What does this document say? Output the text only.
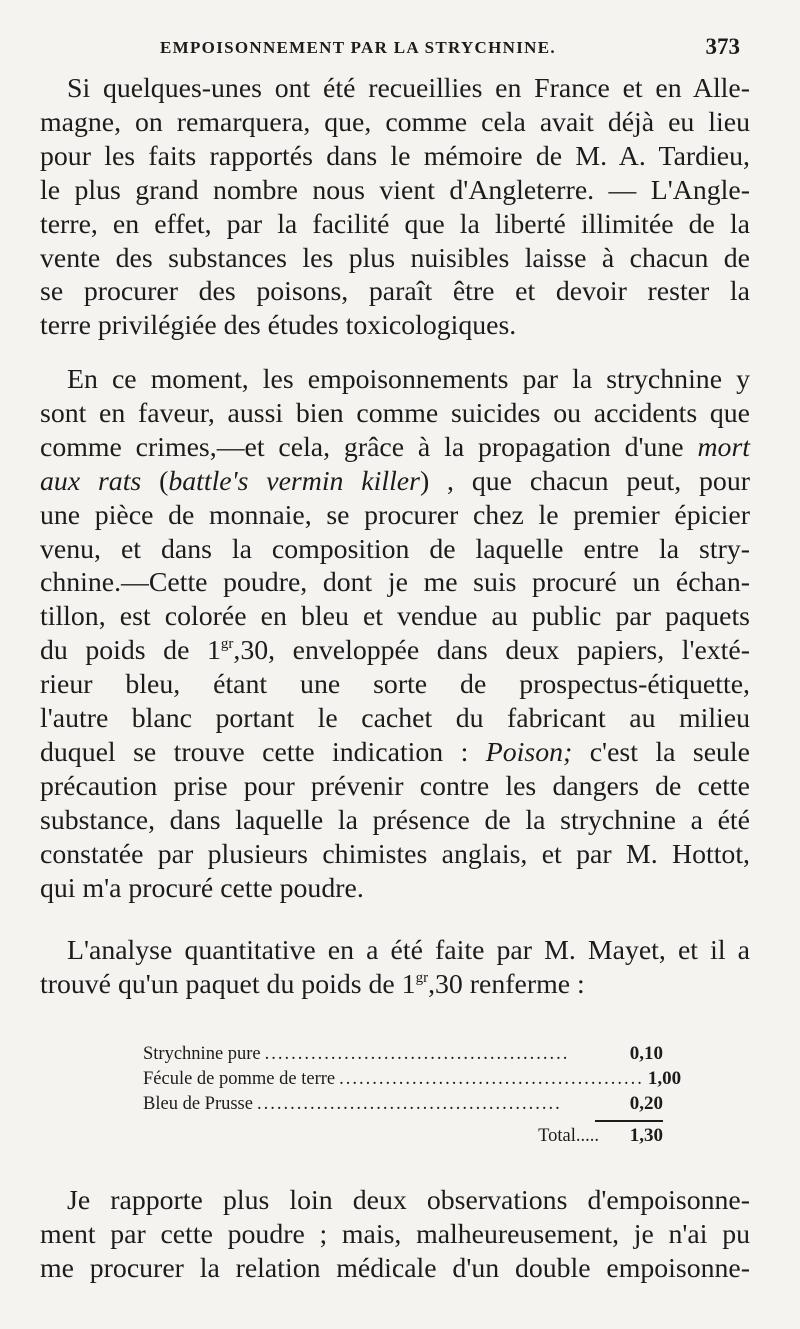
EMPOISONNEMENT PAR LA STRYCHNINE.	373
Si quelques-unes ont été recueillies en France et en Alle-
magne, on remarquera, que, comme cela avait déjà eu lieu
pour les faits rapportés dans le mémoire de M. A. Tardieu,
le plus grand nombre nous vient d'Angleterre. — L'Angle-
terre, en effet, par la facilité que la liberté illimitée de la
vente des substances les plus nuisibles laisse à chacun de
se procurer des poisons, paraît être et devoir rester la
terre privilégiée des études toxicologiques.
En ce moment, les empoisonnements par la strychnine y
sont en faveur, aussi bien comme suicides ou accidents que
comme crimes,—et cela, grâce à la propagation d'une mort
aux rats (battle's vermin killer) , que chacun peut, pour
une pièce de monnaie, se procurer chez le premier épicier
venu, et dans la composition de laquelle entre la stry-
chnine.—Cette poudre, dont je me suis procuré un échan-
tillon, est colorée en bleu et vendue au public par paquets
du poids de $1^{gr},30$, enveloppée dans deux papiers, l'exté-
rieur bleu, étant une sorte de prospectus-étiquette,
l'autre blanc portant le cachet du fabricant au milieu
duquel se trouve cette indication : Poison; c'est la seule
précaution prise pour prévenir contre les dangers de cette
substance, dans laquelle la présence de la strychnine a été
constatée par plusieurs chimistes anglais, et par M. Hottot,
qui m'a procuré cette poudre.
L'analyse quantitative en a été faite par M. Mayet, et il a
trouvé qu'un paquet du poids de $1^{gr},30$ renferme :
Strychnine pure ..............................................	0,10
Fécule de pomme de terre .............................................. 1,00
Bleu de Prusse ..............................................	0,20
Total.....	1,30
Je rapporte plus loin deux observations d'empoisonne-
ment par cette poudre ; mais, malheureusement, je n'ai pu
me procurer la relation médicale d'un double empoisonne-
